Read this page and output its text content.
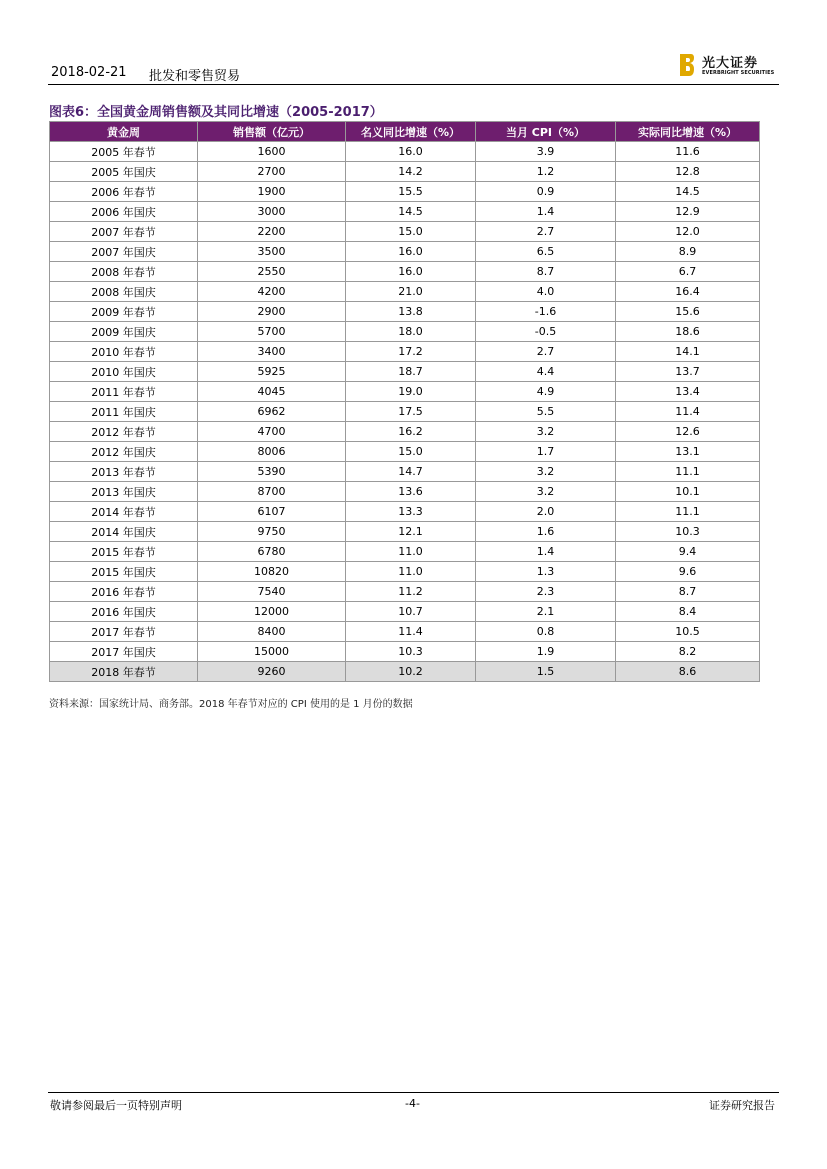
2018-02-21 批发和零售贸易
光大证券
EVERBRIGHT SECURITIES
图表6：全国黄金周销售额及其同比增速（2005-2017）
黄金周	销售额（亿元）	名义同比增速（%）	当月 CPI（%）	实际同比增速（%）
2005 年春节	1600	16.0	3.9	11.6
2005 年国庆	2700	14.2	1.2	12.8
2006 年春节	1900	15.5	0.9	14.5
2006 年国庆	3000	14.5	1.4	12.9
2007 年春节	2200	15.0	2.7	12.0
2007 年国庆	3500	16.0	6.5	8.9
2008 年春节	2550	16.0	8.7	6.7
2008 年国庆	4200	21.0	4.0	16.4
2009 年春节	2900	13.8	-1.6	15.6
2009 年国庆	5700	18.0	-0.5	18.6
2010 年春节	3400	17.2	2.7	14.1
2010 年国庆	5925	18.7	4.4	13.7
2011 年春节	4045	19.0	4.9	13.4
2011 年国庆	6962	17.5	5.5	11.4
2012 年春节	4700	16.2	3.2	12.6
2012 年国庆	8006	15.0	1.7	13.1
2013 年春节	5390	14.7	3.2	11.1
2013 年国庆	8700	13.6	3.2	10.1
2014 年春节	6107	13.3	2.0	11.1
2014 年国庆	9750	12.1	1.6	10.3
2015 年春节	6780	11.0	1.4	9.4
2015 年国庆	10820	11.0	1.3	9.6
2016 年春节	7540	11.2	2.3	8.7
2016 年国庆	12000	10.7	2.1	8.4
2017 年春节	8400	11.4	0.8	10.5
2017 年国庆	15000	10.3	1.9	8.2
2018 年春节	9260	10.2	1.5	8.6
资料来源：国家统计局、商务部。2018 年春节对应的 CPI 使用的是 1 月份的数据
敬请参阅最后一页特别声明	-4-	证券研究报告
